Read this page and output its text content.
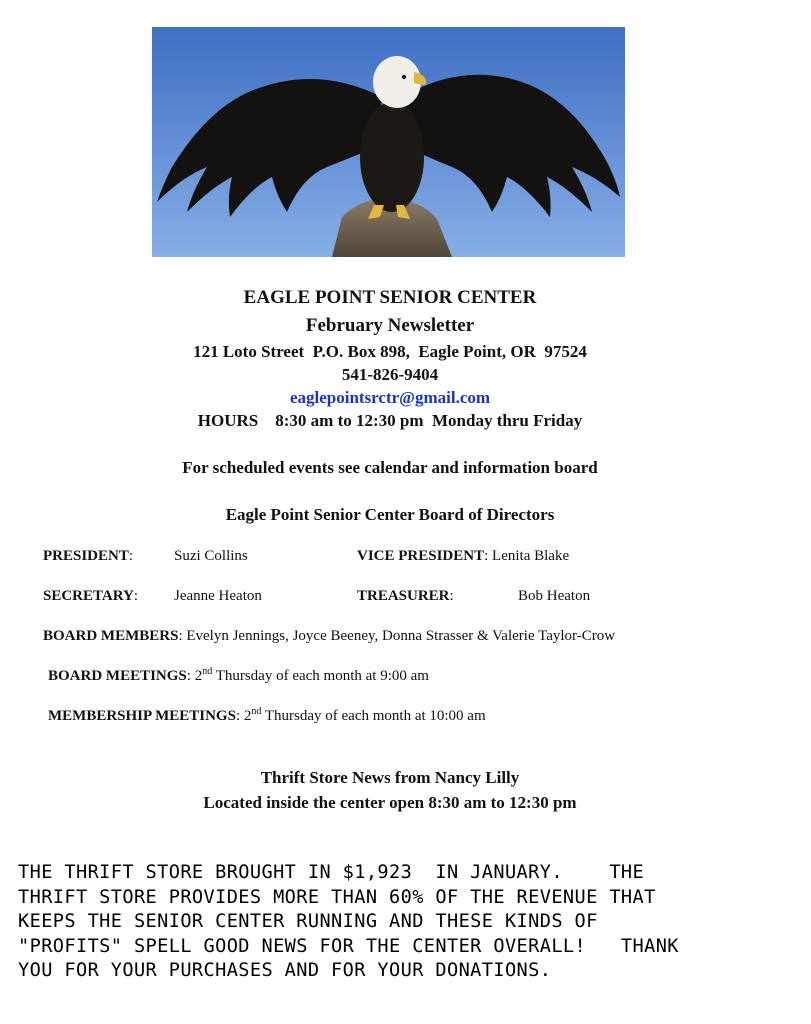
EAGLE POINT SENIOR CENTER
February Newsletter
121 Loto Street  P.O. Box 898,  Eagle Point, OR  97524
541-826-9404
eaglepointsrctr@gmail.com
HOURS    8:30 am to 12:30 pm  Monday thru Friday
For scheduled events see calendar and information board
Eagle Point Senior Center Board of Directors
PRESIDENT:	Suzi Collins	VICE PRESIDENT: Lenita Blake
SECRETARY: Jeanne Heaton	TREASURER:	Bob Heaton
BOARD MEMBERS: Evelyn Jennings, Joyce Beeney, Donna Strasser & Valerie Taylor-Crow
BOARD MEETINGS: 2nd Thursday of each month at 9:00 am
MEMBERSHIP MEETINGS: 2nd Thursday of each month at 10:00 am
Thrift Store News from Nancy Lilly
Located inside the center open 8:30 am to 12:30 pm
THE THRIFT STORE BROUGHT IN $1,923  IN JANUARY.    THE
THRIFT STORE PROVIDES MORE THAN 60% OF THE REVENUE THAT
KEEPS THE SENIOR CENTER RUNNING AND THESE KINDS OF
"PROFITS" SPELL GOOD NEWS FOR THE CENTER OVERALL!   THANK
YOU FOR YOUR PURCHASES AND FOR YOUR DONATIONS.
